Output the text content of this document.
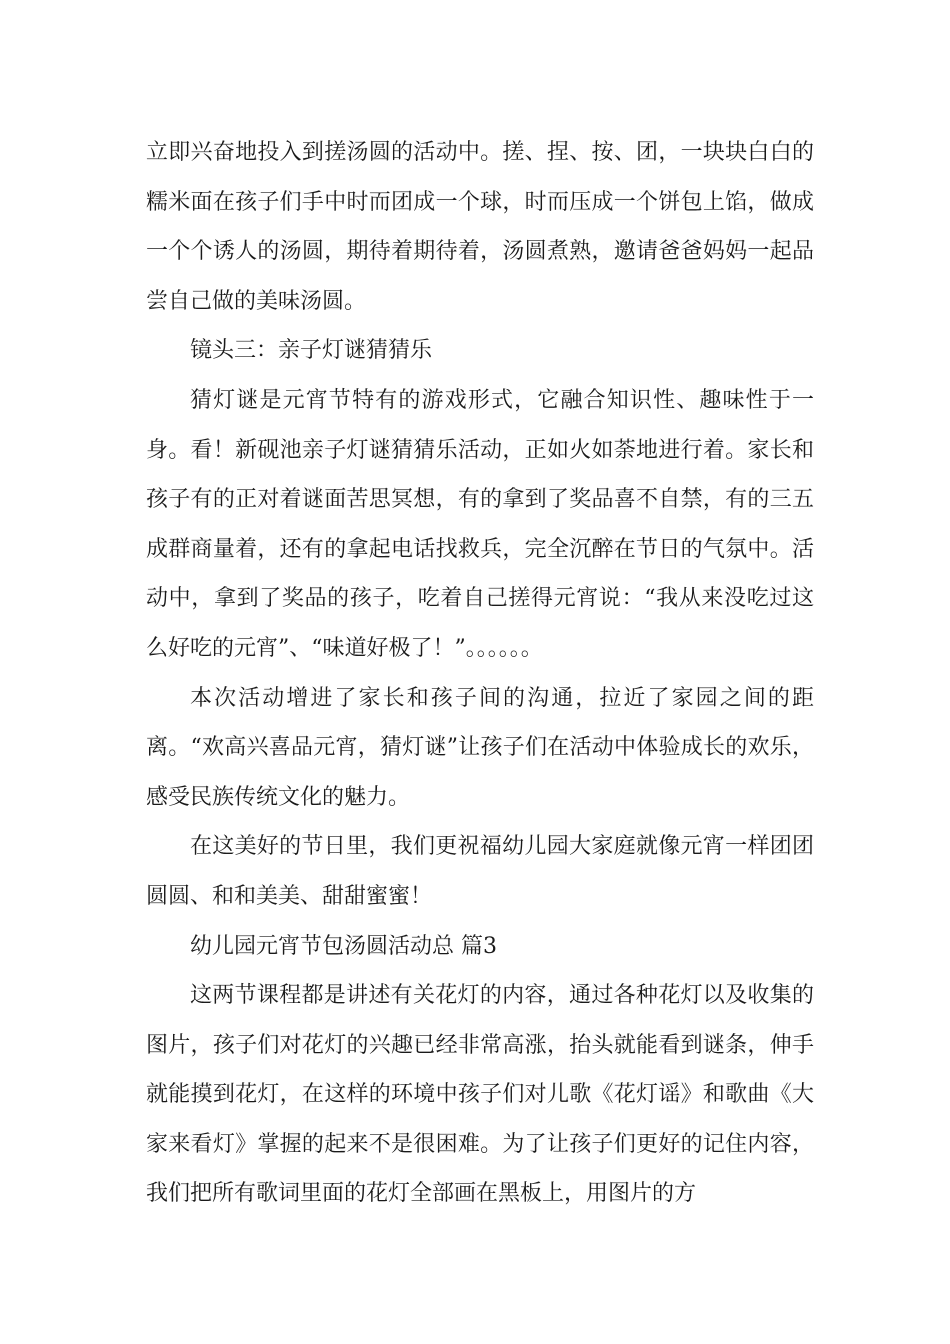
立即兴奋地投入到搓汤圆的活动中。搓、捏、按、团，一块块白白的糯米面在孩子们手中时而团成一个球，时而压成一个饼包上馅，做成一个个诱人的汤圆，期待着期待着，汤圆煮熟，邀请爸爸妈妈一起品尝自己做的美味汤圆。

镜头三：亲子灯谜猜猜乐

猜灯谜是元宵节特有的游戏形式，它融合知识性、趣味性于一身。看！新砚池亲子灯谜猜猜乐活动，正如火如荼地进行着。家长和孩子有的正对着谜面苦思冥想，有的拿到了奖品喜不自禁，有的三五成群商量着，还有的拿起电话找救兵，完全沉醉在节日的气氛中。活动中，拿到了奖品的孩子，吃着自己搓得元宵说：“我从来没吃过这么好吃的元宵”、“味道好极了！”。。。。。。

本次活动增进了家长和孩子间的沟通，拉近了家园之间的距离。“欢高兴喜品元宵，猜灯谜”让孩子们在活动中体验成长的欢乐，感受民族传统文化的魅力。

在这美好的节日里，我们更祝福幼儿园大家庭就像元宵一样团团圆圆、和和美美、甜甜蜜蜜！

幼儿园元宵节包汤圆活动总 篇3

这两节课程都是讲述有关花灯的内容，通过各种花灯以及收集的图片，孩子们对花灯的兴趣已经非常高涨，抬头就能看到谜条，伸手就能摸到花灯，在这样的环境中孩子们对儿歌《花灯谣》和歌曲《大家来看灯》掌握的起来不是很困难。为了让孩子们更好的记住内容，我们把所有歌词里面的花灯全部画在黑板上，用图片的方
